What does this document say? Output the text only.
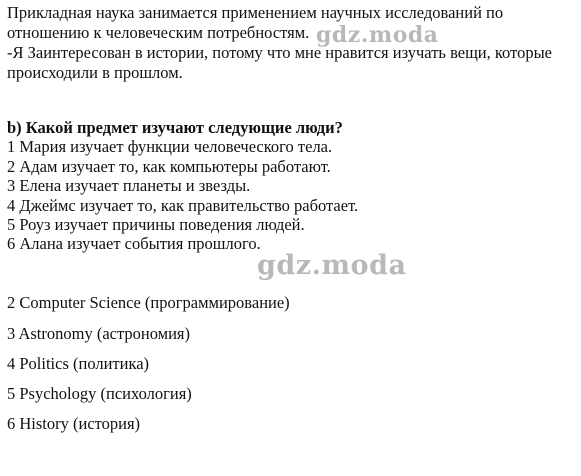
Прикладная наука занимается применением научных исследований по
отношению к человеческим потребностям.
-Я Заинтересован в истории, потому что мне нравится изучать вещи, которые
происходили в прошлом.
b) Какой предмет изучают следующие люди?
1 Мария изучает функции человеческого тела.
2 Адам изучает то, как компьютеры работают.
3 Елена изучает планеты и звезды.
4 Джеймс изучает то, как правительство работает.
5 Роуз изучает причины поведения людей.
6 Алана изучает события прошлого.
2 Computer Science (программирование)
3 Astronomy (астрономия)
4 Politics (политика)
5 Psychology (психология)
6 History (история)
gdz.moda
gdz.moda
